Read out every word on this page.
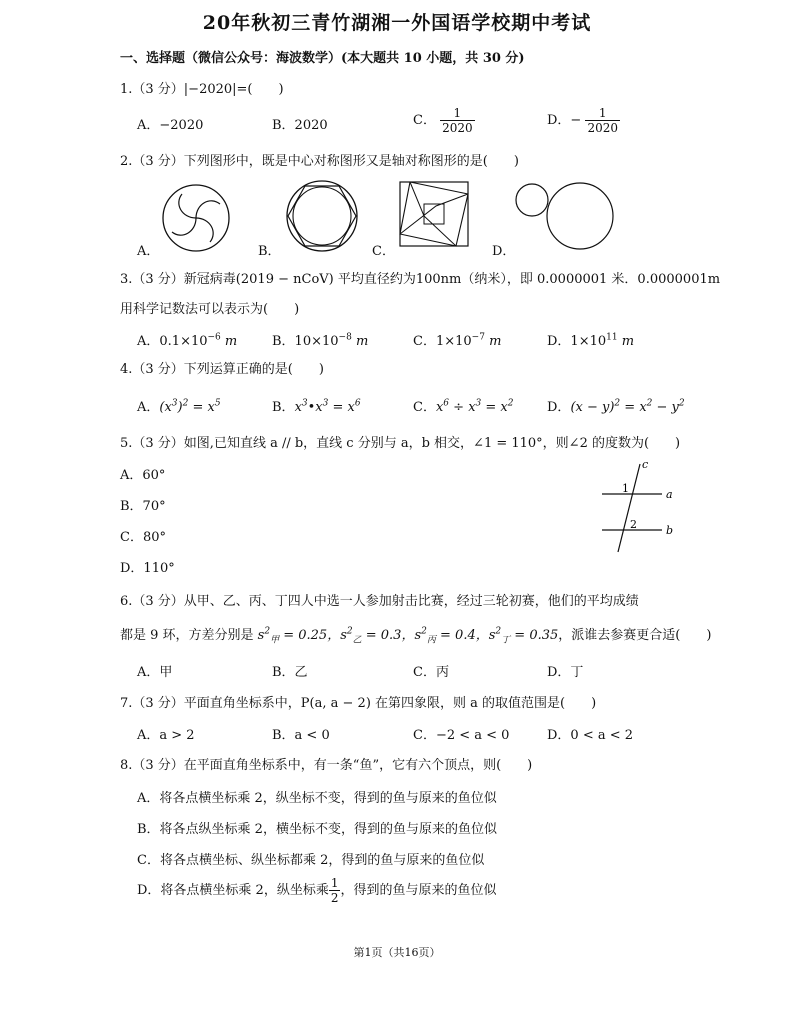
20年秋初三青竹湖湘一外国语学校期中考试
一、选择题（微信公众号：海波数学）(本大题共 10 小题，共 30 分)
1.（3 分）|−2020|=(　　)
A．−2020	B．2020	C． $\frac{1}{2020}$	D．− $\frac{1}{2020}$
2.（3 分）下列图形中，既是中心对称图形又是轴对称图形的是(　　)
A．	B．	C．	D．
3.（3 分）新冠病毒(2019 − nCoV) 平均直径约为100nm（纳米），即 0.0000001 米．0.0000001m
用科学记数法可以表示为(　　)
A．$0.1\times 10^{-6}$ m	B．$10\times 10^{-8}$ m	C．$1\times 10^{-7}$ m	D．$1\times 10^{11}$ m
4.（3 分）下列运算正确的是(　　)
A．$(x^3)^2 = x^5$	B．$x^3•x^3 = x^6$	C．$x^6 \div x^3 = x^2$	D．$(x - y)^2 = x^2 - y^2$
5.（3 分）如图,已知直线 a // b，直线 c 分别与 a，b 相交，∠1 = 110°，则∠2 的度数为(　　)
A．60°
B．70°
C．80°
D．110°
c
a
b
1
2
6.（3 分）从甲、乙、丙、丁四人中选一人参加射击比赛，经过三轮初赛，他们的平均成绩
都是 9 环，方差分别是 $s^2_甲 = 0.25$，$s^2_乙 = 0.3$，$s^2_丙 = 0.4$，$s^2_丁 = 0.35$，派谁去参赛更合适(　　)
A．甲	B．乙	C．丙	D．丁
7.（3 分）平面直角坐标系中，P(a, a − 2) 在第四象限，则 a 的取值范围是(　　)
A．a > 2	B．a < 0	C．−2 < a < 0	D．0 < a < 2
8.（3 分）在平面直角坐标系中，有一条“鱼”，它有六个顶点，则(　　)
A．将各点横坐标乘 2，纵坐标不变，得到的鱼与原来的鱼位似
B．将各点纵坐标乘 2，横坐标不变，得到的鱼与原来的鱼位似
C．将各点横坐标、纵坐标都乘 2，得到的鱼与原来的鱼位似
D．将各点横坐标乘 2，纵坐标乘 $\frac{1}{2}$ ，得到的鱼与原来的鱼位似
第1页（共16页）
